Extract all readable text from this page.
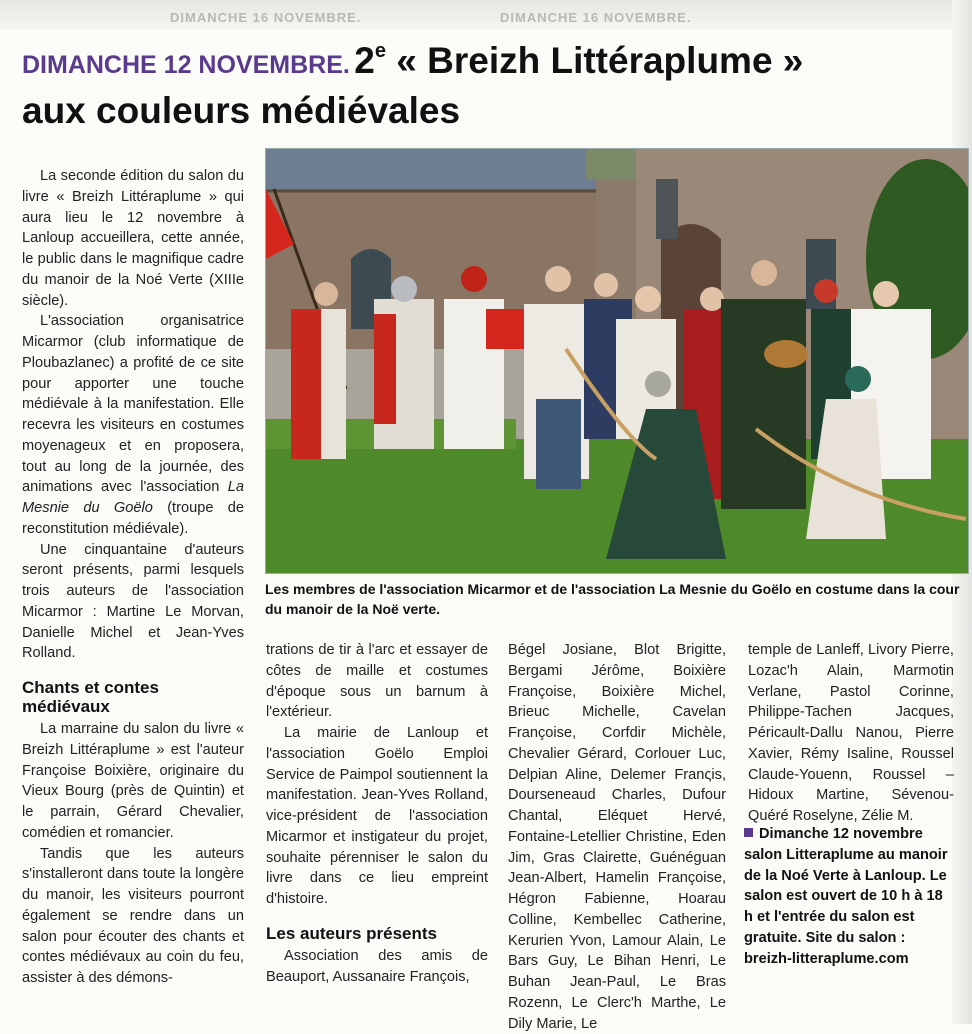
DIMANCHE 16 NOVEMBRE.	DIMANCHE 16 NOVEMBRE.
DIMANCHE 12 NOVEMBRE. 2e « Breizh Littéraplume »
aux couleurs médiévales

La seconde édition du salon du livre « Breizh Littéraplume » qui aura lieu le 12 novembre à Lanloup accueillera, cette année, le public dans le magnifique cadre du manoir de la Noé Verte (XIIIe siècle).

L'association organisatrice Micarmor (club informatique de Ploubazlanec) a profité de ce site pour apporter une touche médiévale à la manifestation. Elle recevra les visiteurs en costumes moyenageux et en proposera, tout au long de la journée, des animations avec l'association La Mesnie du Goëlo (troupe de reconstitution médiévale).

Une cinquantaine d'auteurs seront présents, parmi lesquels trois auteurs de l'association Micarmor : Martine Le Morvan, Danielle Michel et Jean-Yves Rolland.

Chants et contes médiévaux

La marraine du salon du livre « Breizh Littéraplume » est l'auteur Françoise Boixière, originaire du Vieux Bourg (près de Quintin) et le parrain, Gérard Chevalier, comédien et romancier.

Tandis que les auteurs s'installeront dans toute la longère du manoir, les visiteurs pourront également se rendre dans un salon pour écouter des chants et contes médiévaux au coin du feu, assister à des démons-

Les membres de l'association Micarmor et de l'association La Mesnie du Goëlo en costume dans la cour du manoir de la Noë verte.

trations de tir à l'arc et essayer de côtes de maille et costumes d'époque sous un barnum à l'extérieur.

La mairie de Lanloup et l'association Goëlo Emploi Service de Paimpol soutiennent la manifestation. Jean-Yves Rolland, vice-président de l'association Micarmor et instigateur du projet, souhaite pérenniser le salon du livre dans ce lieu empreint d'histoire.

Les auteurs présents

Association des amis de Beauport, Aussanaire François,

Bégel Josiane, Blot Brigitte, Bergami Jérôme, Boixière Françoise, Boixière Michel, Brieuc Michelle, Cavelan Françoise, Corfdir Michèle, Chevalier Gérard, Corlouer Luc, Delpian Aline, Delemer Franςis, Dourseneaud Charles, Dufour Chantal, Eléquet Hervé, Fontaine-Letellier Christine, Eden Jim, Gras Clairette, Guénéguan Jean-Albert, Hamelin Françoise, Hégron Fabienne, Hoarau Colline, Kembellec Catherine, Kerurien Yvon, Lamour Alain, Le Bars Guy, Le Bihan Henri, Le Buhan Jean-Paul, Le Bras Rozenn, Le Clerc'h Marthe, Le Dily Marie, Le

temple de Lanleff, Livory Pierre, Lozac'h Alain, Marmotin Verlane, Pastol Corinne, Philippe-Tachen Jacques, Péricault-Dallu Nanou, Pierre Xavier, Rémy Isaline, Roussel Claude-Youenn, Roussel – Hidoux Martine, Sévenou-Quéré Roselyne, Zélie M.

Dimanche 12 novembre salon Litteraplume au manoir de la Noé Verte à Lanloup. Le salon est ouvert de 10 h à 18 h et l'entrée du salon est gratuite. Site du salon : breizh-litteraplume.com
